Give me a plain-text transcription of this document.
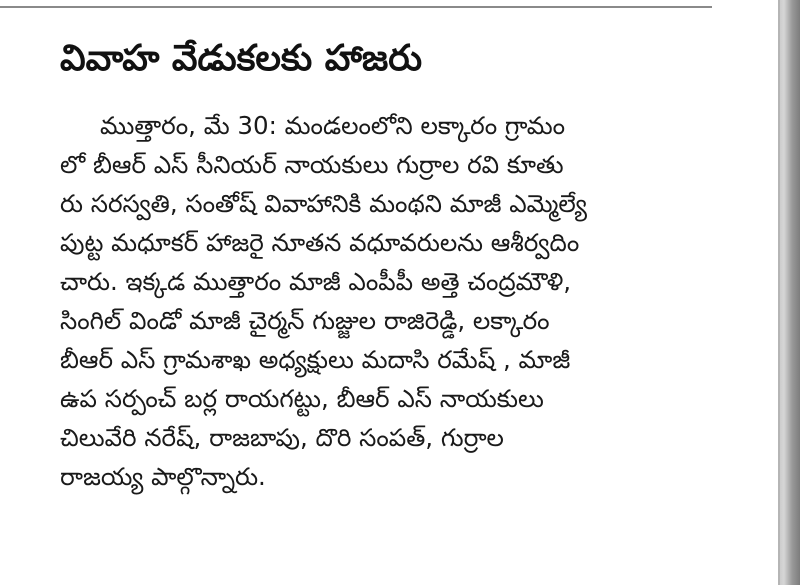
వివాహ వేడుకలకు హాజరు
ముత్తారం, మే 30: మండలంలోని లక్కారం గ్రామం
లో బీఆర్ ఎస్ సీనియర్ నాయకులు గుర్రాల రవి కూతు
రు సరస్వతి, సంతోష్ వివాహానికి మంథని మాజీ ఎమ్మెల్యే
పుట్ట మధూకర్ హాజరై నూతన వధూవరులను ఆశీర్వదిం
చారు. ఇక్కడ ముత్తారం మాజీ ఎంపీపీ అత్తె చంద్రమౌళి,
సింగిల్ విండో మాజీ చైర్మన్ గుజ్జుల రాజిరెడ్డి, లక్కారం
బీఆర్ ఎస్ గ్రామశాఖ అధ్యక్షులు మదాసి రమేష్ , మాజీ
ఉప సర్పంచ్ బర్ల రాయగట్టు, బీఆర్ ఎస్ నాయకులు
చిలువేరి నరేష్, రాజబాపు, దొరి సంపత్, గుర్రాల
రాజయ్య పాల్గొన్నారు.
